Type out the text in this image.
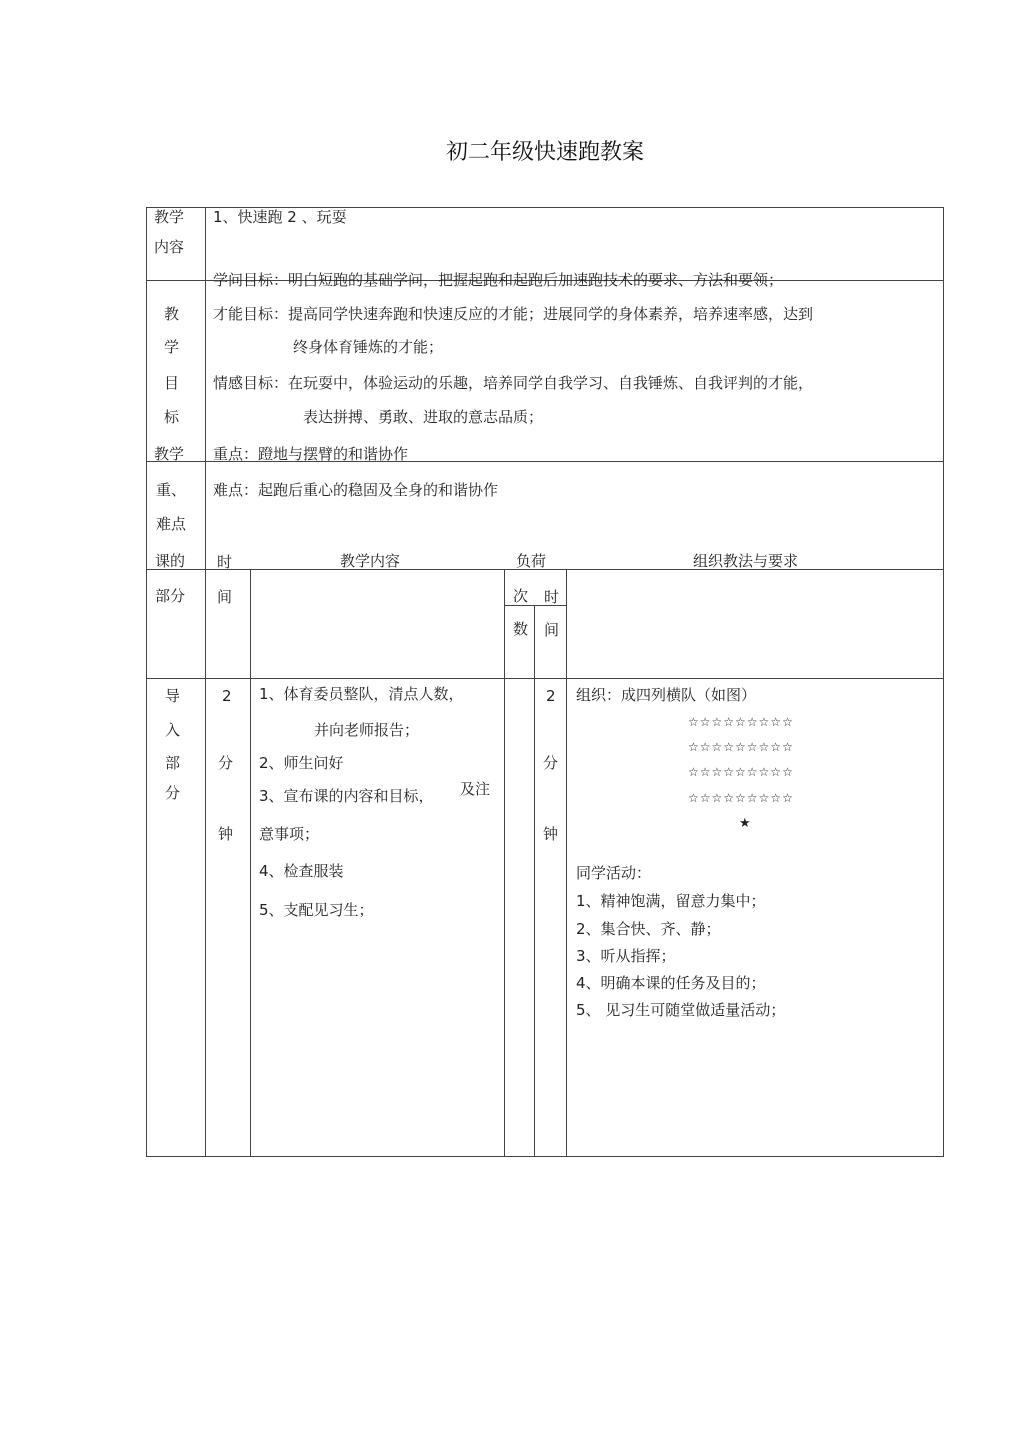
初二年级快速跑教案
教学
内容
1、快速跑 2 、玩耍
学问目标：明白短跑的基础学问，把握起跑和起跑后加速跑技术的要求、方法和要领；
教
学
目
标
才能目标：提高同学快速奔跑和快速反应的才能；进展同学的身体素养，培养速率感，达到
终身体育锤炼的才能；
情感目标：在玩耍中，体验运动的乐趣，培养同学自我学习、自我锤炼、自我评判的才能，
表达拼搏、勇敢、进取的意志品质；
教学
重、
难点
重点：蹬地与摆臂的和谐协作
难点：起跑后重心的稳固及全身的和谐协作
课的
部分
时
间
教学内容	负荷
次
数
时
间
组织教法与要求
导
入
部
分
2
分
钟
1、体育委员整队，清点人数，
并向老师报告；
2、师生问好
3、宣布课的内容和目标， 及注
意事项；
4、检查服装
5、支配见习生；
2
分
钟
组织：成四列横队（如图）
☆☆☆☆☆☆☆☆☆
☆☆☆☆☆☆☆☆☆
☆☆☆☆☆☆☆☆☆
☆☆☆☆☆☆☆☆☆
★
同学活动：
1、精神饱满，留意力集中；
2、集合快、齐、静；
3、听从指挥；
4、明确本课的任务及目的；
5、 见习生可随堂做适量活动；
